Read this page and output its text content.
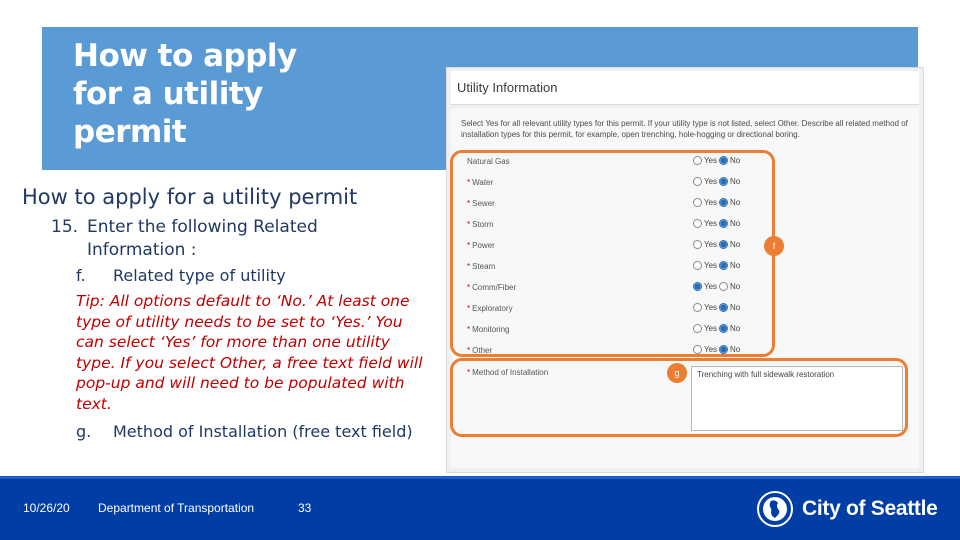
How to apply
for a utility
permit
How to apply for a utility permit
15. Enter the following Related
Information :
f. Related type of utility
Tip: All options default to ‘No.’ At least one type of utility needs to be set to ‘Yes.’ You can select ‘Yes’ for more than one utility type. If you select Other, a free text field will pop-up and will need to be populated with text.
g. Method of Installation (free text field)
Utility Information
Select Yes for all relevant utility types for this permit. If your utility type is not listed, select Other. Describe all related method of installation types for this permit, for example, open trenching, hole-hogging or directional boring.
Natural Gas	Yes No
* Water	Yes No
* Sewer	Yes No
* Storm	Yes No
* Power	Yes No
* Steam	Yes No
* Comm/Fiber	Yes No
* Exploratory	Yes No
* Monitoring	Yes No
* Other	Yes No
* Method of Installation	Trenching with full sidewalk restoration
f
g
10/26/20 Department of Transportation	33	City of Seattle
